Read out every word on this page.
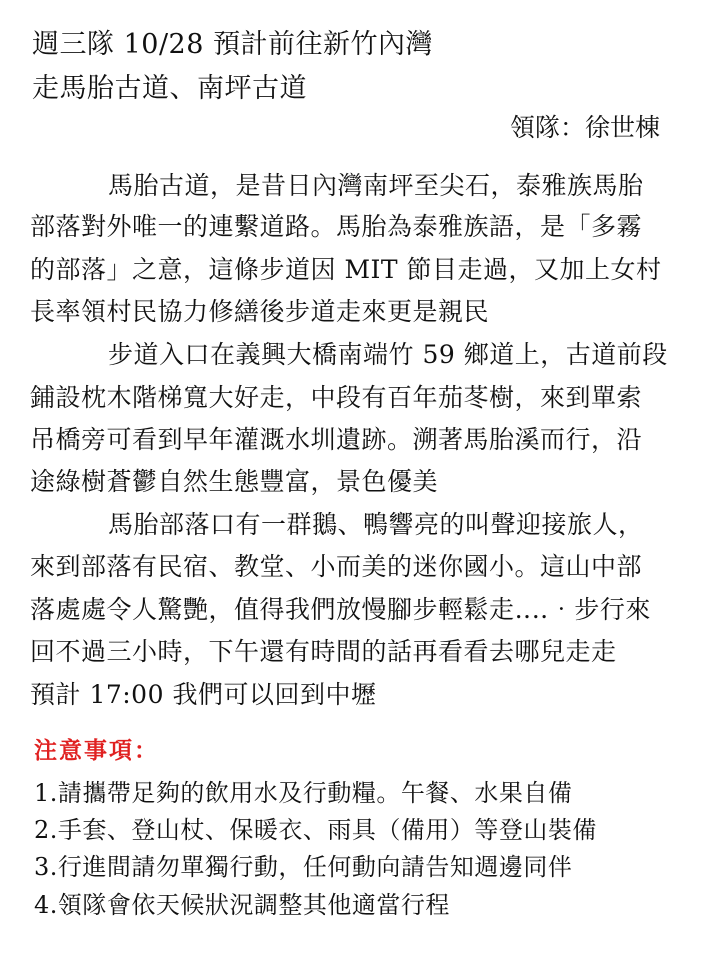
週三隊 10/28 預計前往新竹內灣
走馬胎古道、南坪古道
領隊：徐世棟
馬胎古道，是昔日內灣南坪至尖石，泰雅族馬胎
部落對外唯一的連繫道路。馬胎為泰雅族語，是「多霧
的部落」之意，這條步道因 MIT 節目走過，又加上女村
長率領村民協力修繕後步道走來更是親民
步道入口在義興大橋南端竹 59 鄉道上，古道前段
鋪設枕木階梯寬大好走，中段有百年茄苳樹，來到單索
吊橋旁可看到早年灌溉水圳遺跡。溯著馬胎溪而行，沿
途綠樹蒼鬱自然生態豐富，景色優美
馬胎部落口有一群鵝、鴨響亮的叫聲迎接旅人，
來到部落有民宿、教堂、小而美的迷你國小。這山中部
落處處令人驚艷，值得我們放慢腳步輕鬆走‥‥‧步行來
回不過三小時，下午還有時間的話再看看去哪兒走走
預計 17:00 我們可以回到中壢
注意事項：
1.請攜帶足夠的飲用水及行動糧。午餐、水果自備
2.手套、登山杖、保暖衣、雨具（備用）等登山裝備
3.行進間請勿單獨行動，任何動向請告知週邊同伴
4.領隊會依天候狀況調整其他適當行程
